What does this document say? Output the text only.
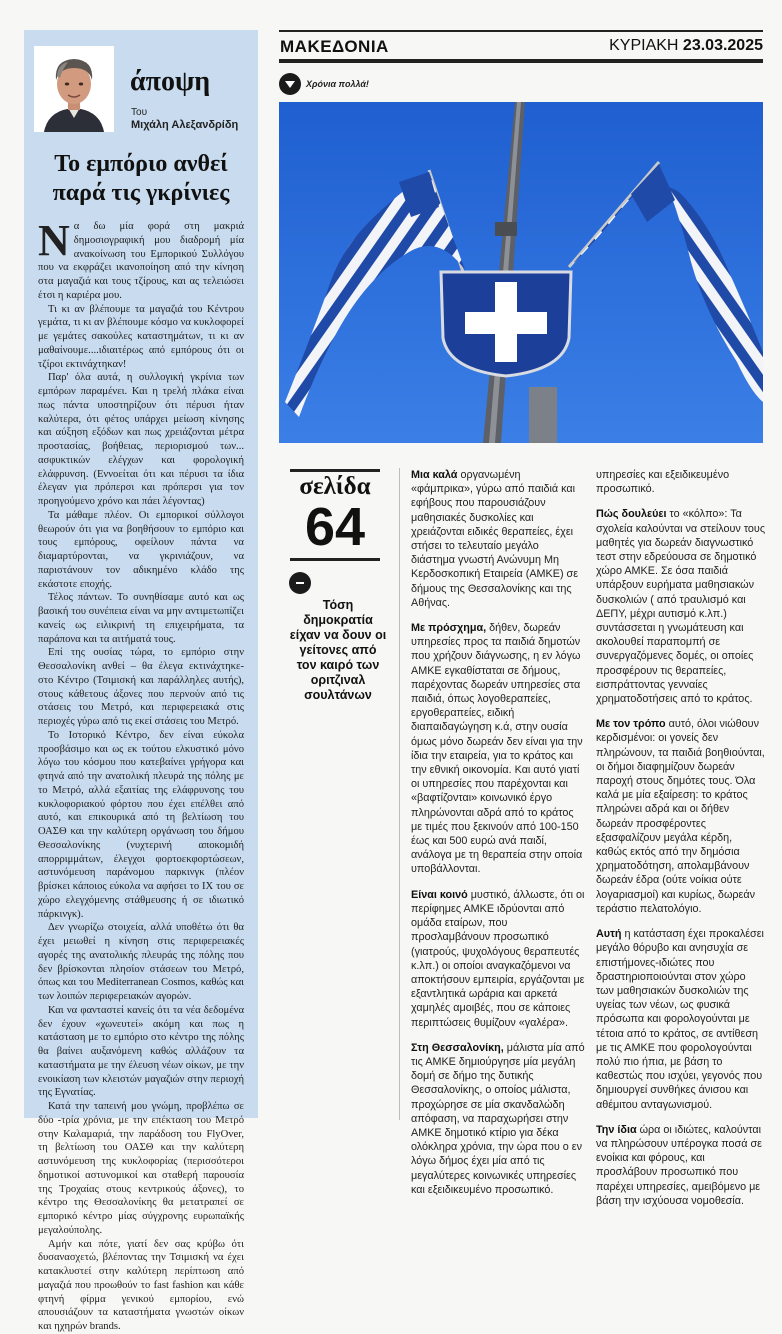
άποψη
Του
Μιχάλη Αλεξανδρίδη
Το εμπόριο ανθεί
παρά τις γκρίνιες

Να δω μία φορά στη μακριά δημοσιογραφική μου διαδρομή μία ανακοίνωση του Εμπορικού Συλλόγου που να εκφράζει ικανοποίηση από την κίνηση στα μαγαζιά και τους τζίρους, και ας τελειώσει έτσι η καριέρα μου.

Τι κι αν βλέπουμε τα μαγαζιά του Κέντρου γεμάτα, τι κι αν βλέπουμε κόσμο να κυκλοφορεί με γεμάτες σακούλες καταστημάτων, τι κι αν μαθαίνουμε....ιδιαιτέρως από εμπόρους ότι οι τζίροι εκτινάχτηκαν!

Παρ' όλα αυτά, η συλλογική γκρίνια των εμπόρων παραμένει. Και η τρελή πλάκα είναι πως πάντα υποστηρίζουν ότι πέρυσι ήταν καλύτερα, ότι φέτος υπάρχει μείωση κίνησης και αύξηση εξόδων και πως χρειάζονται μέτρα προστασίας, βοήθειας, περιορισμού των... ασφυκτικών ελέγχων και φορολογική ελάφρυνση. (Εννοείται ότι και πέρυσι τα ίδια έλεγαν για πρόπερσι και πρόπερσι για τον προηγούμενο χρόνο και πάει λέγοντας)

Τα μάθαμε πλέον. Οι εμπορικοί σύλλογοι θεωρούν ότι για να βοηθήσουν το εμπόριο και τους εμπόρους, οφείλουν πάντα να διαμαρτύρονται, να γκρινιάζουν, να παριστάνουν τον αδικημένο κλάδο της εκάστοτε εποχής.

Τέλος πάντων. Το συνηθίσαμε αυτό και ως βασική του συνέπεια είναι να μην αντιμετωπίζει κανείς ως ειλικρινή τη επιχειρήματα, τα παράπονα και τα αιτήματά τους.

Επί της ουσίας τώρα, το εμπόριο στην Θεσσαλονίκη ανθεί – θα έλεγα εκτινάχτηκε- στο Κέντρο (Τσιμισκή και παράλληλες αυτής), στους κάθετους άξονες που περνούν από τις στάσεις του Μετρό, και περιφερειακά στις περιοχές γύρω από τις εκεί στάσεις του Μετρό.

Το Ιστορικό Κέντρο, δεν είναι εύκολα προσβάσιμο και ως εκ τούτου ελκυστικό μόνο λόγω του κόσμου που κατεβαίνει γρήγορα και φτηνά από την ανατολική πλευρά της πόλης με το Μετρό, αλλά εξαιτίας της ελάφρυνσης του κυκλοφοριακού φόρτου που έχει επέλθει από αυτό, και επικουρικά από τη βελτίωση του ΟΑΣΘ και την καλύτερη οργάνωση του δήμου Θεσσαλονίκης (νυχτερινή αποκομιδή απορριμμάτων, έλεγχοι φορτοεκφορτώσεων, αστυνόμευση παράνομου παρκινγκ (πλέον βρίσκει κάποιος εύκολα να αφήσει το ΙΧ του σε χώρο ελεγχόμενης στάθμευσης ή σε ιδιωτικό πάρκινγκ).

Δεν γνωρίζω στοιχεία, αλλά υποθέτω ότι θα έχει μειωθεί η κίνηση στις περιφερειακές αγορές της ανατολικής πλευράς της πόλης που δεν βρίσκονται πλησίον στάσεων του Μετρό, όπως και του Mediterranean Cosmos, καθώς και των λοιπών περιφερειακών αγορών.

Και να φανταστεί κανείς ότι τα νέα δεδομένα δεν έχουν «χωνευτεί» ακόμη και πως η κατάσταση με το εμπόριο στο κέντρο της πόλης θα βαίνει αυξανόμενη καθώς αλλάζουν τα καταστήματα με την έλευση νέων οίκων, με την ενοικίαση των κλειστών μαγαζιών στην περιοχή της Εγνατίας.

Κατά την ταπεινή μου γνώμη, προβλέπω σε δύο -τρία χρόνια, με την επέκταση του Μετρό στην Καλαμαριά, την παράδοση του FlyOver, τη βελτίωση του ΟΑΣΘ και την καλύτερη αστυνόμευση της κυκλοφορίας (περισσότεροι δημοτικοί αστυνομικοί και σταθερή παρουσία της Τροχαίας στους κεντρικούς άξονες), το κέντρο της Θεσσαλονίκης θα μετατραπεί σε εμπορικό κέντρο μίας σύγχρονης ευρωπαϊκής μεγαλούπολης.

Αμήν και πότε, γιατί δεν σας κρύβω ότι δυσανασχετώ, βλέποντας την Τσιμισκή να έχει κατακλυστεί στην καλύτερη περίπτωση από μαγαζιά που προωθούν το fast fashion και κάθε φτηνή φίρμα γενικού εμπορίου, ενώ απουσιάζουν τα καταστήματα γνωστών οίκων και ηχηρών brands.

ΜΑΚΕΔΟΝΙΑ	ΚΥΡΙΑΚΗ 23.03.2025
Χρόνια πολλά!
σελίδα
64
Τόση δημοκρατία είχαν να δουν οι γείτονες από τον καιρό των οριτζιναλ σουλτάνων

Μια καλά οργανωμένη «φάμπρικα», γύρω από παιδιά και εφήβους που παρουσιάζουν μαθησιακές δυσκολίες και χρειάζονται ειδικές θεραπείες, έχει στήσει το τελευταίο μεγάλο διάστημα γνωστή Ανώνυμη Μη Κερδοσκοπική Εταιρεία (ΑΜΚΕ) σε δήμους της Θεσσαλονίκης και της Αθήνας.

Με πρόσχημα, δήθεν, δωρεάν υπηρεσίες προς τα παιδιά δημοτών που χρήζουν διάγνωσης, η εν λόγω ΑΜΚΕ εγκαθίσταται σε δήμους, παρέχοντας δωρεάν υπηρεσίες στα παιδιά, όπως λογοθεραπείες, εργοθεραπείες, ειδική διαπαιδαγώγηση κ.ά, στην ουσία όμως μόνο δωρεάν δεν είναι για την ίδια την εταιρεία, για το κράτος και την εθνική οικονομία. Και αυτό γιατί οι υπηρεσίες που παρέχονται και «βαφτίζονται» κοινωνικό έργο πληρώνονται αδρά από το κράτος με τιμές που ξεκινούν από 100-150 έως και 500 ευρώ ανά παιδί, ανάλογα με τη θεραπεία στην οποία υποβάλλονται.

Είναι κοινό μυστικό, άλλωστε, ότι οι περίφημες ΑΜΚΕ ιδρύονται από ομάδα εταίρων, που προσλαμβάνουν προσωπικό (γιατρούς, ψυχολόγους θεραπευτές κ.λπ.) οι οποίοι αναγκαζόμενοι να αποκτήσουν εμπειρία, εργάζονται με εξαντλητικά ωράρια και αρκετά χαμηλές αμοιβές, που σε κάποιες περιπτώσεις θυμίζουν «γαλέρα».

Στη Θεσσαλονίκη, μάλιστα μία από τις ΑΜΚΕ δημιούργησε μία μεγάλη δομή σε δήμο της δυτικής Θεσσαλονίκης, ο οποίος μάλιστα, προχώρησε σε μία σκανδαλώδη απόφαση, να παραχωρήσει στην ΑΜΚΕ δημοτικό κτίριο για δέκα ολόκληρα χρόνια, την ώρα που ο εν λόγω δήμος έχει μία από τις μεγαλύτερες κοινωνικές υπηρεσίες και εξειδικευμένο προσωπικό.

υπηρεσίες και εξειδικευμένο προσωπικό.

Πώς δουλεύει το «κόλπο»: Τα σχολεία καλούνται να στείλουν τους μαθητές για δωρεάν διαγνωστικό τεστ στην εδρεύουσα σε δημοτικό χώρο ΑΜΚΕ. Σε όσα παιδιά υπάρξουν ευρήματα μαθησιακών δυσκολιών ( από τραυλισμό και ΔΕΠΥ, μέχρι αυτισμό κ.λπ.) συντάσσεται η γνωμάτευση και ακολουθεί παραπομπή σε συνεργαζόμενες δομές, οι οποίες προσφέρουν τις θεραπείες, εισπράττοντας γενναίες χρηματοδοτήσεις από το κράτος.

Με τον τρόπο αυτό, όλοι νιώθουν κερδισμένοι: οι γονείς δεν πληρώνουν, τα παιδιά βοηθιούνται, οι δήμοι διαφημίζουν δωρεάν παροχή στους δημότες τους. Όλα καλά με μία εξαίρεση: το κράτος πληρώνει αδρά και οι δήθεν δωρεάν προσφέροντες εξασφαλίζουν μεγάλα κέρδη, καθώς εκτός από την δημόσια χρηματοδότηση, απολαμβάνουν δωρεάν έδρα (ούτε νοίκια ούτε λογαριασμοί) και κυρίως, δωρεάν τεράστιο πελατολόγιο.

Αυτή η κατάσταση έχει προκαλέσει μεγάλο θόρυβο και ανησυχία σε επιστήμονες-ιδιώτες που δραστηριοποιούνται στον χώρο των μαθησιακών δυσκολιών της υγείας των νέων, ως φυσικά πρόσωπα και φορολογούνται με τέτοια από το κράτος, σε αντίθεση με τις ΑΜΚΕ που φορολογούνται πολύ πιο ήπια, με βάση το καθεστώς που ισχύει, γεγονός που δημιουργεί συνθήκες άνισου και αθέμιτου ανταγωνισμού.

Την ίδια ώρα οι ιδιώτες, καλούνται να πληρώσουν υπέρογκα ποσά σε ενοίκια και φόρους, και προσλάβουν προσωπικό που παρέχει υπηρεσίες, αμειβόμενο με βάση την ισχύουσα νομοθεσία.
